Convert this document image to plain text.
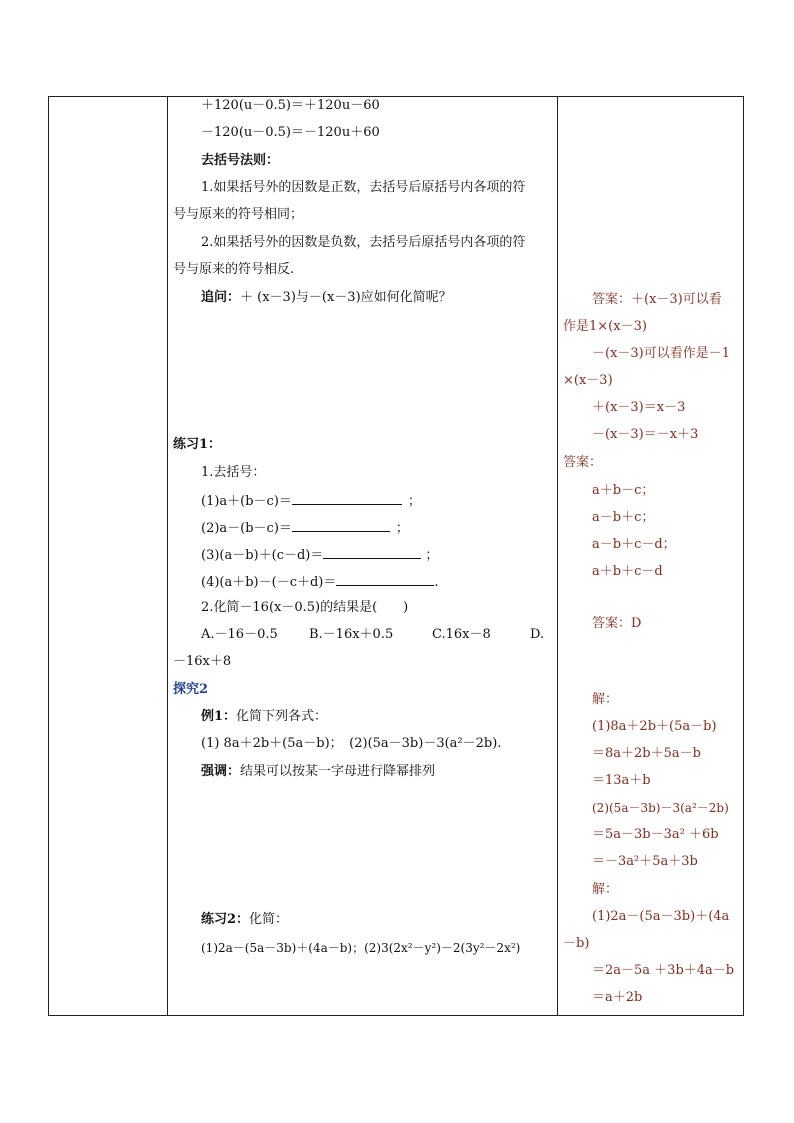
＋120(u－0.5)＝＋120u－60
－120(u－0.5)＝－120u＋60
去括号法则：
1.如果括号外的因数是正数，去括号后原括号内各项的符
号与原来的符号相同；
2.如果括号外的因数是负数，去括号后原括号内各项的符
号与原来的符号相反.
追问：＋ (x－3)与－(x－3)应如何化简呢？
练习1：
1.去括号：
(1)a＋(b－c)＝	；
(2)a－(b－c)＝	；
(3)(a－b)＋(c－d)＝	；
(4)(a＋b)－(－c＋d)＝	.
2.化简－16(x－0.5)的结果是(　　)
A.－16－0.5 B.－16x＋0.5	C.16x－8	D.
－16x＋8
探究2
例1：化简下列各式：
(1) 8a＋2b＋(5a－b)；　(2)(5a－3b)－3(a²－2b).
强调：结果可以按某一字母进行降幂排列
练习2：化简：
(1)2a－(5a－3b)＋(4a－b)；(2)3(2x²－y²)－2(3y²－2x²)
答案：＋(x－3)可以看
作是1×(x－3)
－(x－3)可以看作是－1
×(x－3)
＋(x－3)＝x－3
－(x－3)＝－x＋3
答案：
a＋b－c；
a－b＋c；
a－b＋c－d；
a＋b＋c－d
答案：D
解：
(1)8a＋2b＋(5a－b)
＝8a＋2b＋5a－b
＝13a＋b
(2)(5a－3b)－3(a²－2b)
＝5a－3b－3a² ＋6b
＝－3a²＋5a＋3b
解：
(1)2a－(5a－3b)＋(4a
－b)
＝2a－5a ＋3b＋4a－b
＝a＋2b
